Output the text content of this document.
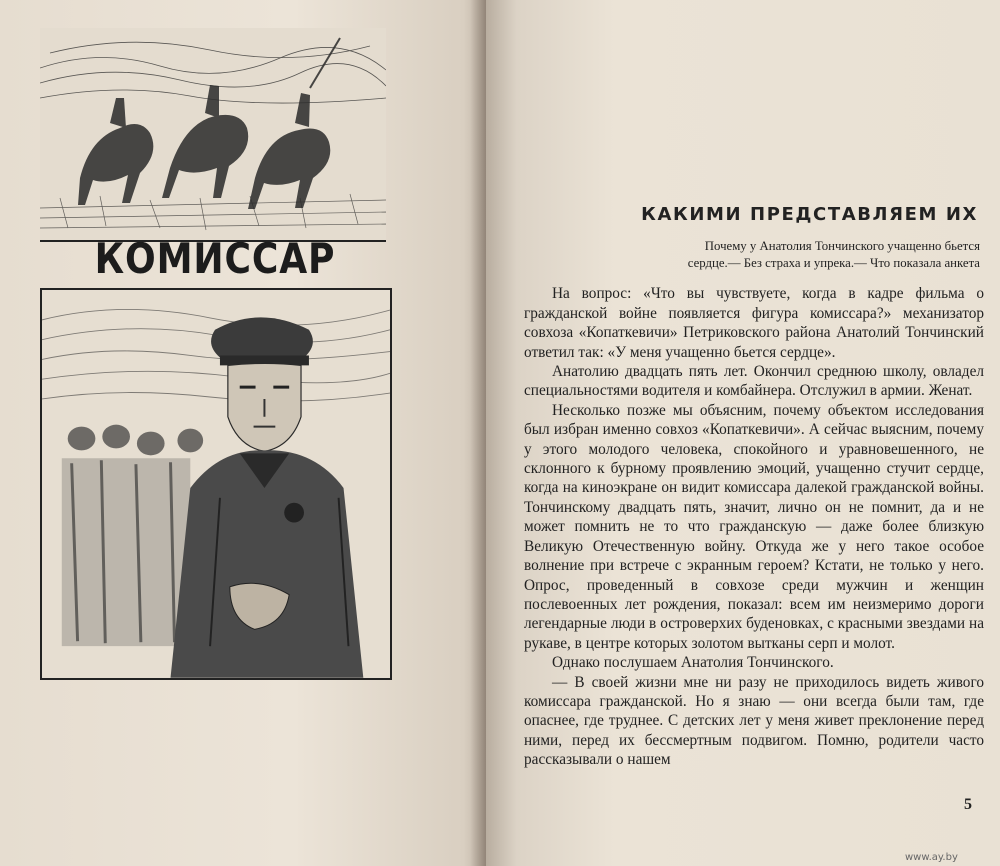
КОМИССАР
КАКИМИ ПРЕДСТАВЛЯЕМ ИХ
Почему у Анатолия Тончинского учащенно бьется
сердце.— Без страха и упрека.— Что показала анкета

На вопрос: «Что вы чувствуете, когда в кадре фильма о гражданской войне появляется фигура комиссара?» механизатор совхоза «Копаткевичи» Петриковского района Анатолий Тончинский ответил так: «У меня учащенно бьется сердце».

Анатолию двадцать пять лет. Окончил среднюю школу, овладел специальностями водителя и комбайнера. Отслужил в армии. Женат.

Несколько позже мы объясним, почему объектом исследования был избран именно совхоз «Копаткевичи». А сейчас выясним, почему у этого молодого человека, спокойного и уравновешенного, не склонного к бурному проявлению эмоций, учащенно стучит сердце, когда на киноэкране он видит комиссара далекой гражданской войны. Тончинскому двадцать пять, значит, лично он не помнит, да и не может помнить не то что гражданскую — даже более близкую Великую Отечественную войну. Откуда же у него такое особое волнение при встрече с экранным героем? Кстати, не только у него. Опрос, проведенный в совхозе среди мужчин и женщин послевоенных лет рождения, показал: всем им неизмеримо дороги легендарные люди в островерхих буденовках, с красными звездами на рукаве, в центре которых золотом вытканы серп и молот.

Однако послушаем Анатолия Тончинского.

— В своей жизни мне ни разу не приходилось видеть живого комиссара гражданской. Но я знаю — они всегда были там, где опаснее, где труднее. С детских лет у меня живет преклонение перед ними, перед их бессмертным подвигом. Помню, родители часто рассказывали о нашем

5
www.ay.by
